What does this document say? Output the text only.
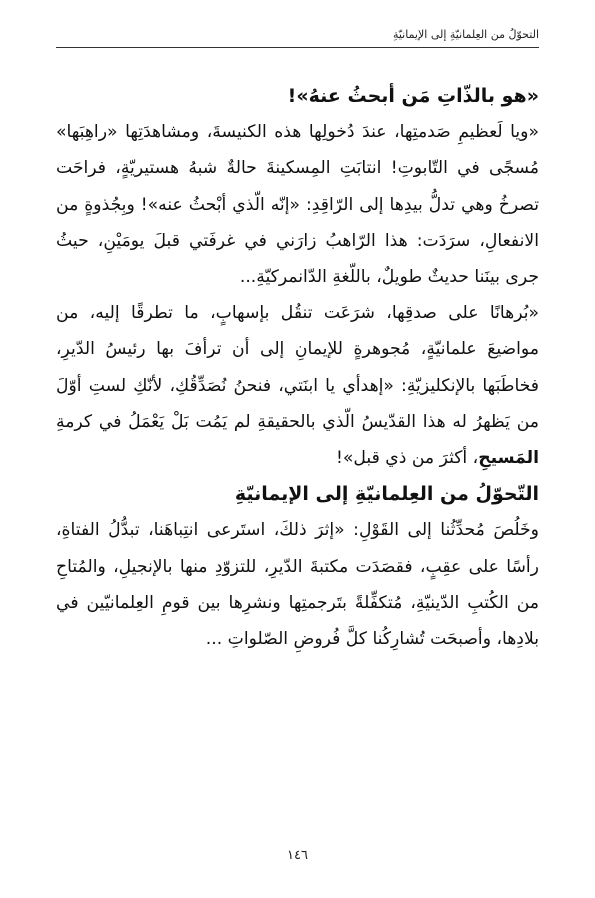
التحوّلُ من العِلمانيّةِ إلى الإيمانيّةِ

«هو بالذّاتِ مَن أبحثُ عنهُ»!

«ويا لَعظيمِ صَدمتِها، عندَ دُخولِها هذه الكنيسةَ، ومشاهدَتِها «راهِبَها» مُسجًى في التّابوتِ! انتابَتِ المِسكينةَ حالةٌ شبهُ هستيريّةٍ، فراحَت تصرخُ وهي تدلُّ بيدِها إلى الرّاقِدِ: «إنّه الّذي أبْحثُ عنه»! وبِجُذوةٍ من الانفعالِ، سرَدَت: هذا الرّاهبُ زارَني في غرفَتي قبلَ يومَيْنِ، حيثُ جرى بينَنا حديثٌ طويلٌ، باللّغةِ الدّانمركيّةِ...

«بُرهانًا على صدقِها، شرَعَت تنقُل بإسهابٍ، ما تطرقًا إليه، من مواضيعَ علمانيّةٍ، مُجوهرةٍ للإيمانِ إلى أن ترأفَ بها رئيسُ الدّيرِ، فخاطَبَها بالإنكليزيّةِ: «إهدأي يا ابنَتي، فنحنُ نُصَدِّقُكِ، لأنّكِ لستِ أوّلَ من يَظهرُ له هذا القدّيسُ الّذي بالحقيقةِ لم يَمُت بَلْ يَعْمَلُ في كرمةِ المَسيحِ، أكثرَ من ذي قبل»!

التّحوّلُ من العِلمانيّةِ إلى الإيمانيّةِ

وخَلُصَ مُحدِّثُنا إلى القَوْلِ: «إثرَ ذلكَ، استَرعى انتِباهَنا، تبدُّلُ الفتاةِ، رأسًا على عقِبٍ، فقصَدَت مكتبةَ الدّيرِ، للتزوّدِ منها بالإنجيلِ، والمُتاحِ من الكُتبِ الدّينيّةِ، مُتكفِّلةً بتَرجمتِها ونشرِها بين قومِ العِلمانيّين في بلادِها، وأصبحَت تُشارِكُنا كلَّ فُروضِ الصّلواتِ ...

١٤٦
